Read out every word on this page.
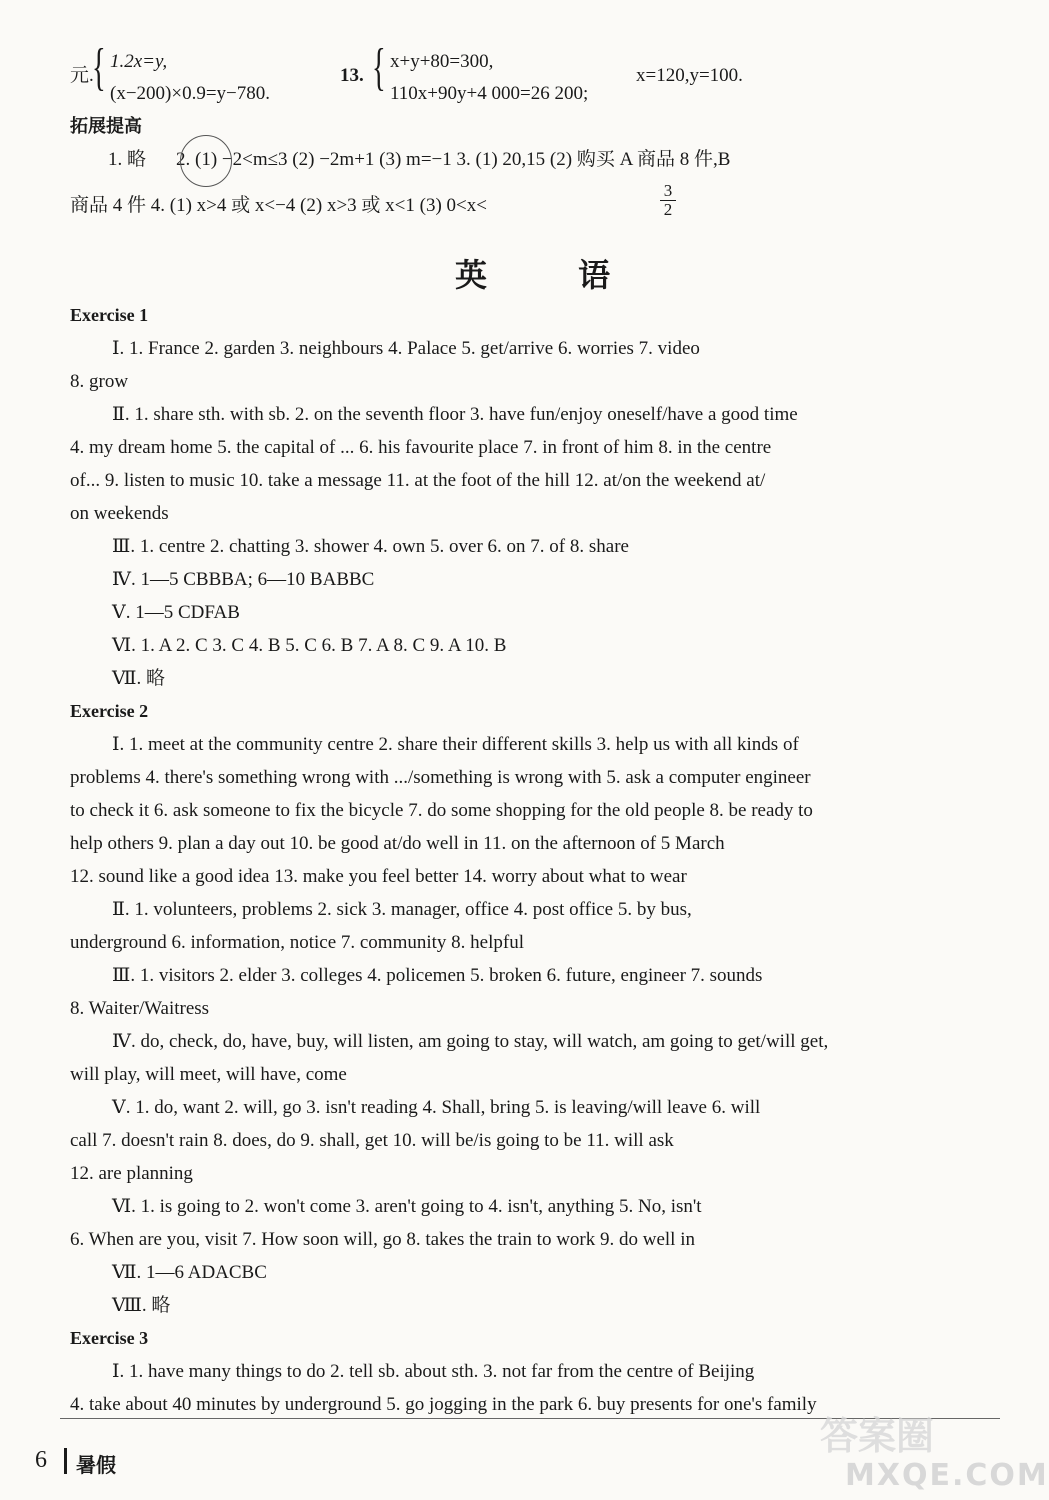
元.
{ 1.2x=y,
(x−200)×0.9=y−780.
13. { x+y+80=300,
110x+90y+4 000=26 200;
x=120,y=100.
拓展提高
1. 略 2. (1) −2<m≤3 (2) −2m+1 (3) m=−1 3. (1) 20,15 (2) 购买 A 商品 8 件,B
商品 4 件 4. (1) x>4 或 x<−4 (2) x>3 或 x<1 (3) 0<x<	$\frac{3}{2}$
英 语
Exercise 1
Ⅰ. 1. France 2. garden 3. neighbours 4. Palace 5. get/arrive 6. worries 7. video
8. grow
Ⅱ. 1. share sth. with sb. 2. on the seventh floor 3. have fun/enjoy oneself/have a good time
4. my dream home 5. the capital of ... 6. his favourite place 7. in front of him 8. in the centre
of... 9. listen to music 10. take a message 11. at the foot of the hill 12. at/on the weekend at/
on weekends
Ⅲ. 1. centre 2. chatting 3. shower 4. own 5. over 6. on 7. of 8. share
Ⅳ. 1—5 CBBBA; 6—10 BABBC
Ⅴ. 1—5 CDFAB
Ⅵ. 1. A 2. C 3. C 4. B 5. C 6. B 7. A 8. C 9. A 10. B
Ⅶ. 略
Exercise 2
Ⅰ. 1. meet at the community centre 2. share their different skills 3. help us with all kinds of
problems 4. there's something wrong with .../something is wrong with 5. ask a computer engineer
to check it 6. ask someone to fix the bicycle 7. do some shopping for the old people 8. be ready to
help others 9. plan a day out 10. be good at/do well in 11. on the afternoon of 5 March
12. sound like a good idea 13. make you feel better 14. worry about what to wear
Ⅱ. 1. volunteers, problems 2. sick 3. manager, office 4. post office 5. by bus,
underground 6. information, notice 7. community 8. helpful
Ⅲ. 1. visitors 2. elder 3. colleges 4. policemen 5. broken 6. future, engineer 7. sounds
8. Waiter/Waitress
Ⅳ. do, check, do, have, buy, will listen, am going to stay, will watch, am going to get/will get,
will play, will meet, will have, come
Ⅴ. 1. do, want 2. will, go 3. isn't reading 4. Shall, bring 5. is leaving/will leave 6. will
call 7. doesn't rain 8. does, do 9. shall, get 10. will be/is going to be 11. will ask
12. are planning
Ⅵ. 1. is going to 2. won't come 3. aren't going to 4. isn't, anything 5. No, isn't
6. When are you, visit 7. How soon will, go 8. takes the train to work 9. do well in
Ⅶ. 1—6 ADACBC
Ⅷ. 略
Exercise 3
Ⅰ. 1. have many things to do 2. tell sb. about sth. 3. not far from the centre of Beijing
4. take about 40 minutes by underground 5. go jogging in the park 6. buy presents for one's family
6 暑假
答案圈
MXQE.COM
